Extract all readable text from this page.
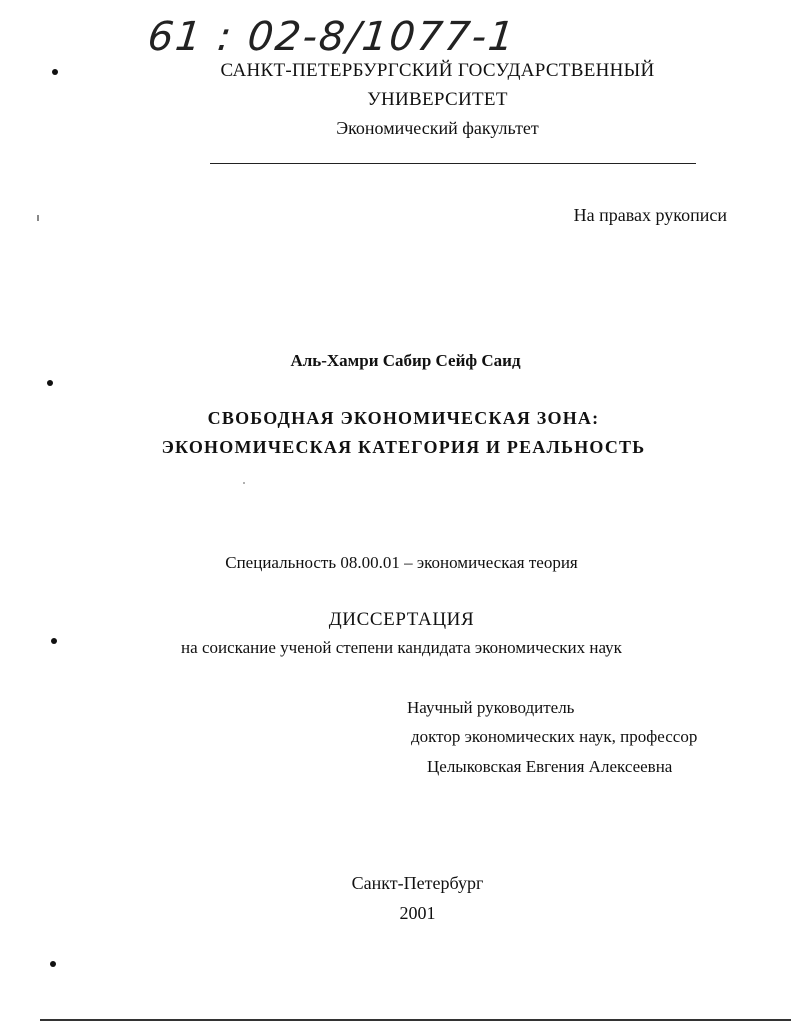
61 : 02-8/1077-1
САНКТ-ПЕТЕРБУРГСКИЙ ГОСУДАРСТВЕННЫЙ
УНИВЕРСИТЕТ
Экономический факультет
На правах рукописи
Аль-Хамри Сабир Сейф Саид
СВОБОДНАЯ ЭКОНОМИЧЕСКАЯ ЗОНА:
ЭКОНОМИЧЕСКАЯ КАТЕГОРИЯ И РЕАЛЬНОСТЬ
Специальность 08.00.01 – экономическая теория
ДИССЕРТАЦИЯ
на соискание ученой степени кандидата экономических наук
Научный руководитель
доктор экономических наук, профессор
Целыковская Евгения Алексеевна
Санкт-Петербург
2001
